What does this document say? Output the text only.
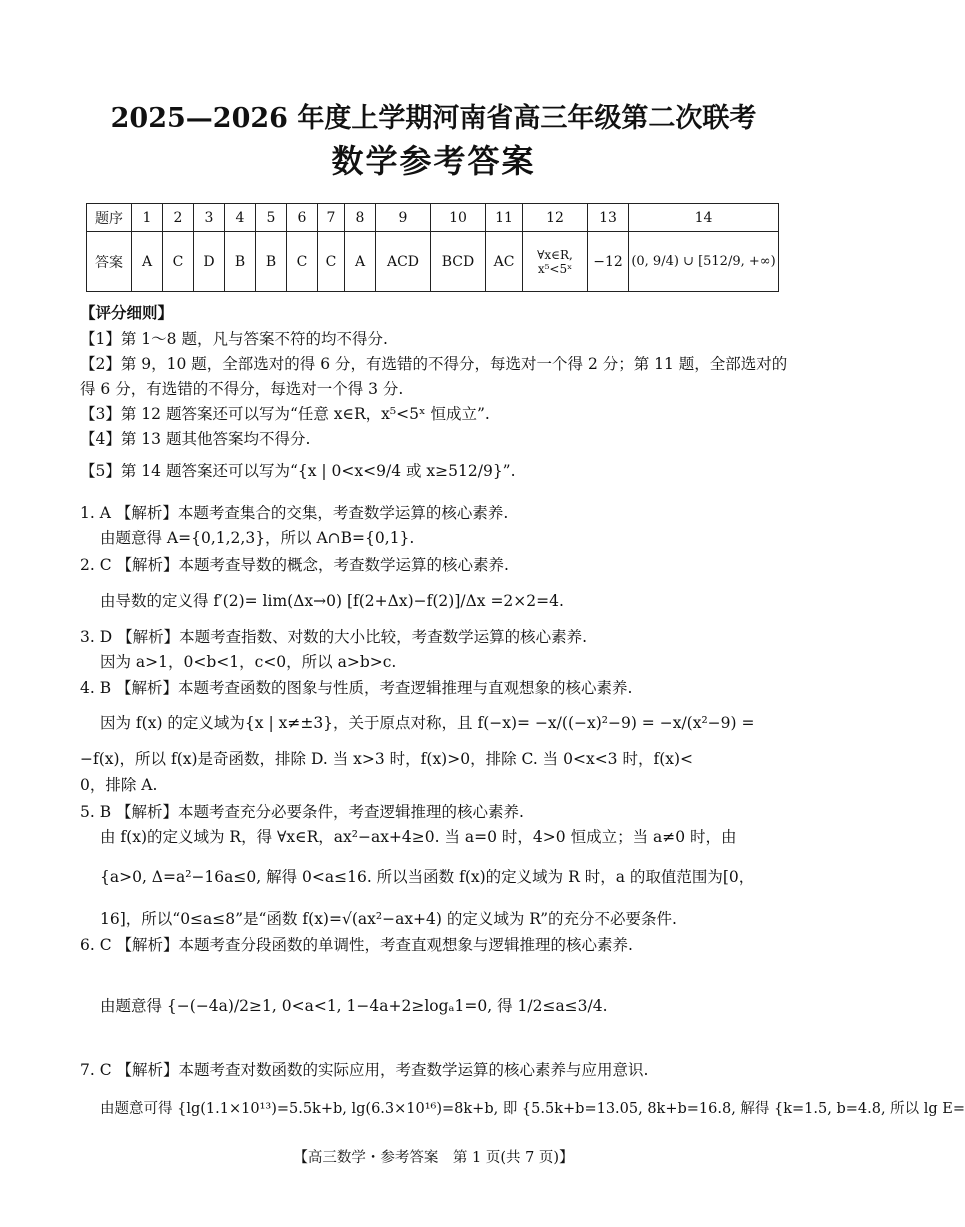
2025—2026 年度上学期河南省高三年级第二次联考
数学参考答案
题序	1	2	3	4	5	6	7	8	9	10	11	12	13	14
答案	A	C	D	B	B	C	C	A	ACD	BCD	AC	∀x∈R, x⁵<5ˣ	−12	(0, 9/4) ∪ [512/9, +∞)
【评分细则】
【1】第 1～8 题，凡与答案不符的均不得分.
【2】第 9，10 题，全部选对的得 6 分，有选错的不得分，每选对一个得 2 分；第 11 题，全部选对的
得 6 分，有选错的不得分，每选对一个得 3 分.
【3】第 12 题答案还可以写为“任意 x∈R，x⁵<5ˣ 恒成立”.
【4】第 13 题其他答案均不得分.
【5】第 14 题答案还可以写为“{x | 0<x<9/4 或 x≥512/9}”.
1. A 【解析】本题考查集合的交集，考查数学运算的核心素养.
由题意得 A={0,1,2,3}，所以 A∩B={0,1}.
2. C 【解析】本题考查导数的概念，考查数学运算的核心素养.
由导数的定义得 f′(2)= lim(Δx→0) [f(2+Δx)−f(2)]/Δx =2×2=4.
3. D 【解析】本题考查指数、对数的大小比较，考查数学运算的核心素养.
因为 a>1，0<b<1，c<0，所以 a>b>c.
4. B 【解析】本题考查函数的图象与性质，考查逻辑推理与直观想象的核心素养.
因为 f(x) 的定义域为{x | x≠±3}，关于原点对称，且 f(−x)= −x/((−x)²−9) = −x/(x²−9) =
−f(x)，所以 f(x)是奇函数，排除 D. 当 x>3 时，f(x)>0，排除 C. 当 0<x<3 时，f(x)<
0，排除 A.
5. B 【解析】本题考查充分必要条件，考查逻辑推理的核心素养.
由 f(x)的定义域为 R，得 ∀x∈R，ax²−ax+4≥0. 当 a=0 时，4>0 恒成立；当 a≠0 时，由
{a>0, Δ=a²−16a≤0, 解得 0<a≤16. 所以当函数 f(x)的定义域为 R 时，a 的取值范围为[0，
16]，所以“0≤a≤8”是“函数 f(x)=√(ax²−ax+4) 的定义域为 R”的充分不必要条件.
6. C 【解析】本题考查分段函数的单调性，考查直观想象与逻辑推理的核心素养.
由题意得 {−(−4a)/2≥1, 0<a<1, 1−4a+2≥logₐ1=0, 得 1/2≤a≤3/4.
7. C 【解析】本题考查对数函数的实际应用，考查数学运算的核心素养与应用意识.
由题意可得 {lg(1.1×10¹³)=5.5k+b, lg(6.3×10¹⁶)=8k+b, 即 {5.5k+b=13.05, 8k+b=16.8, 解得 {k=1.5, b=4.8, 所以 lg E=
【高三数学・参考答案　第 1 页(共 7 页)】
